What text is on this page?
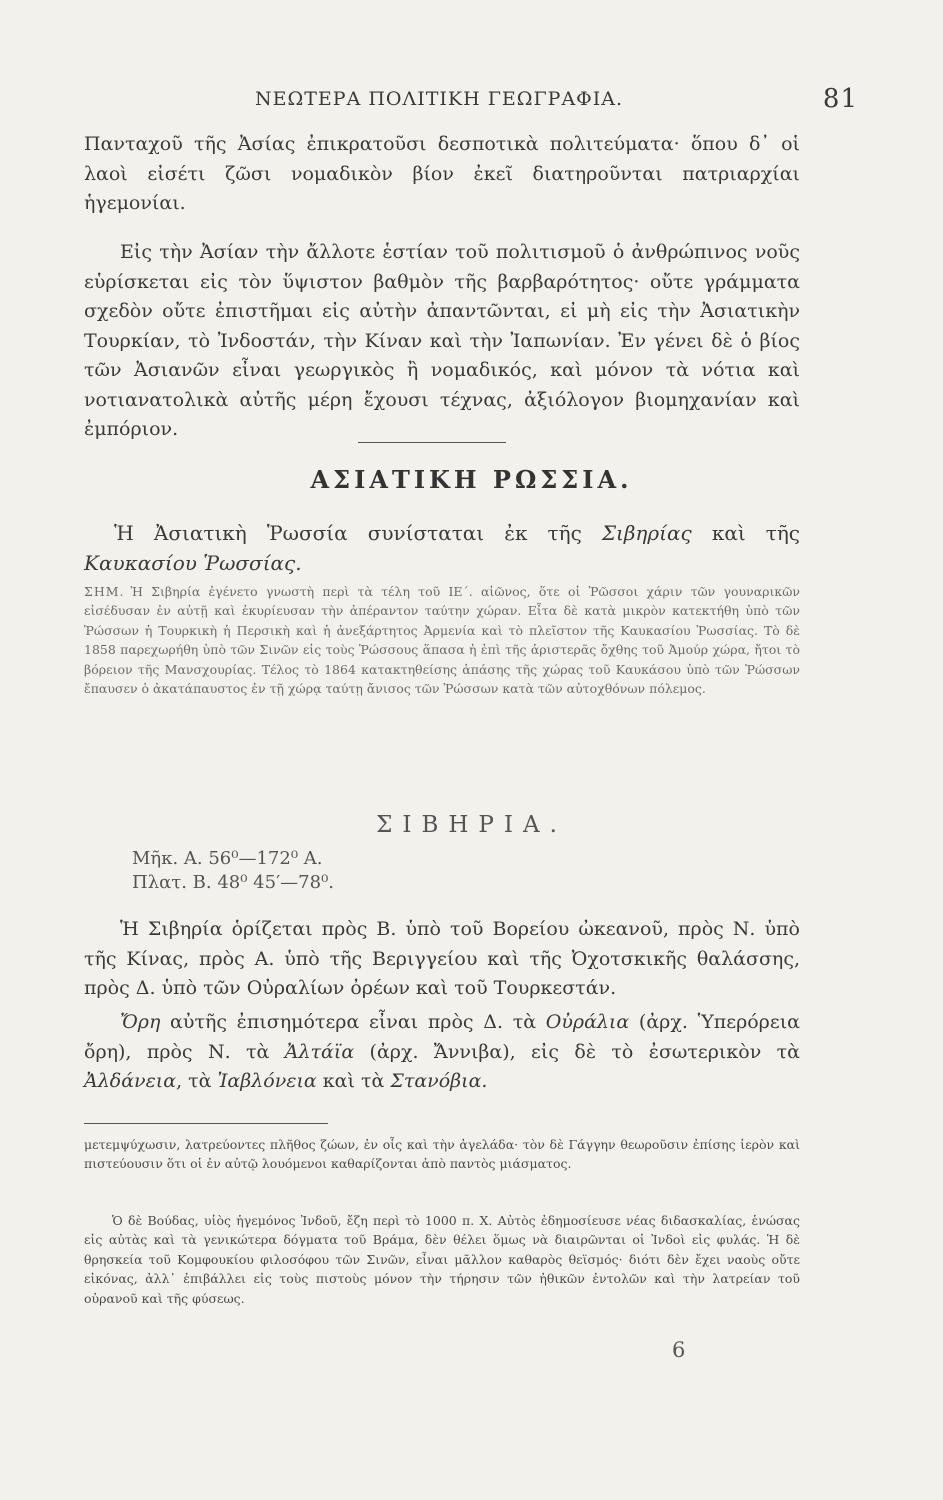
ΝΕΩΤΕΡΑ ΠΟΛΙΤΙΚΗ ΓΕΩΓΡΑΦΙΑ.	81
Πανταχοῦ τῆς Ἀσίας ἐπικρατοῦσι δεσποτικὰ πολιτεύματα· ὅπου δ᾽ οἱ λαοὶ εἰσέτι ζῶσι νομαδικὸν βίον ἐκεῖ διατηροῦνται πατριαρχίαι ἡγεμονίαι.
Εἰς τὴν Ἀσίαν τὴν ἄλλοτε ἑστίαν τοῦ πολιτισμοῦ ὁ ἀνθρώπινος νοῦς εὑρίσκεται εἰς τὸν ὕψιστον βαθμὸν τῆς βαρβαρότητος· οὔτε γράμματα σχεδὸν οὔτε ἐπιστῆμαι εἰς αὐτὴν ἀπαντῶνται, εἰ μὴ εἰς τὴν Ἀσιατικὴν Τουρκίαν, τὸ Ἰνδοστάν, τὴν Κίναν καὶ τὴν Ἰαπωνίαν. Ἐν γένει δὲ ὁ βίος τῶν Ἀσιανῶν εἶναι γεωργικὸς ἢ νομαδικός, καὶ μόνον τὰ νότια καὶ νοτιανατολικὰ αὐτῆς μέρη ἔχουσι τέχνας, ἀξιόλογον βιομηχανίαν καὶ ἐμπόριον.
ΑΣΙΑΤΙΚΗ ΡΩΣΣΙΑ.
Ἡ Ἀσιατικὴ Ῥωσσία συνίσταται ἐκ τῆς Σιβηρίας καὶ τῆς Καυκασίου Ῥωσσίας.
ΣΗΜ. Ἡ Σιβηρία ἐγένετο γνωστὴ περὶ τὰ τέλη τοῦ ΙΕ΄. αἰῶνος, ὅτε οἱ Ῥῶσσοι χάριν τῶν γουναρικῶν εἰσέδυσαν ἐν αὐτῇ καὶ ἐκυρίευσαν τὴν ἀπέραντον ταύτην χώραν. Εἶτα δὲ κατὰ μικρὸν κατεκτήθη ὑπὸ τῶν Ῥώσσων ἡ Τουρκικὴ ἡ Περσικὴ καὶ ἡ ἀνεξάρτητος Ἀρμενία καὶ τὸ πλεῖστον τῆς Καυκασίου Ῥωσσίας. Τὸ δὲ 1858 παρεχωρήθη ὑπὸ τῶν Σινῶν εἰς τοὺς Ῥώσσους ἅπασα ἡ ἐπὶ τῆς ἀριστερᾶς ὄχθης τοῦ Ἀμούρ χώρα, ἤτοι τὸ βόρειον τῆς Μανσχουρίας. Τέλος τὸ 1864 κατακτηθείσης ἁπάσης τῆς χώρας τοῦ Καυκάσου ὑπὸ τῶν Ῥώσσων ἔπαυσεν ὁ ἀκατάπαυστος ἐν τῇ χώρᾳ ταύτῃ ἄνισος τῶν Ῥώσσων κατὰ τῶν αὐτοχθόνων πόλεμος.
ΣΙΒΗΡΙΑ.
Μῆκ. Α. 56⁰—172⁰ Α.
Πλατ. Β. 48⁰ 45′—78⁰.
Ἡ Σιβηρία ὁρίζεται πρὸς Β. ὑπὸ τοῦ Βορείου ὠκεανοῦ, πρὸς Ν. ὑπὸ τῆς Κίνας, πρὸς Α. ὑπὸ τῆς Βεριγγείου καὶ τῆς Ὀχοτσκικῆς θαλάσσης, πρὸς Δ. ὑπὸ τῶν Οὐραλίων ὀρέων καὶ τοῦ Τουρκεστάν.
Ὄρη αὐτῆς ἐπισημότερα εἶναι πρὸς Δ. τὰ Οὐράλια (ἀρχ. Ὑπερόρεια ὄρη), πρὸς Ν. τὰ Ἀλτάϊα (ἀρχ. Ἄννιβα), εἰς δὲ τὸ ἐσωτερικὸν τὰ Ἀλδάνεια, τὰ Ἰαβλόνεια καὶ τὰ Στανόβια.
μετεμψύχωσιν, λατρεύοντες πλῆθος ζώων, ἐν οἷς καὶ τὴν ἀγελάδα· τὸν δὲ Γάγγην θεωροῦσιν ἐπίσης ἱερὸν καὶ πιστεύουσιν ὅτι οἱ ἐν αὐτῷ λουόμενοι καθαρίζονται ἀπὸ παντὸς μιάσματος.
Ὁ δὲ Βούδας, υἱὸς ἡγεμόνος Ἰνδοῦ, ἔζη περὶ τὸ 1000 π. Χ. Αὐτὸς ἐδημοσίευσε νέας διδασκαλίας, ἑνώσας εἰς αὐτὰς καὶ τὰ γενικώτερα δόγματα τοῦ Βράμα, δὲν θέλει ὅμως νὰ διαιρῶνται οἱ Ἰνδοὶ εἰς φυλάς. Ἡ δὲ θρησκεία τοῦ Κομφουκίου φιλοσόφου τῶν Σινῶν, εἶναι μᾶλλον καθαρὸς θεϊσμός· διότι δὲν ἔχει ναοὺς οὔτε εἰκόνας, ἀλλ᾽ ἐπιβάλλει εἰς τοὺς πιστοὺς μόνον τὴν τήρησιν τῶν ἠθικῶν ἐντολῶν καὶ τὴν λατρείαν τοῦ οὐρανοῦ καὶ τῆς φύσεως.
6
